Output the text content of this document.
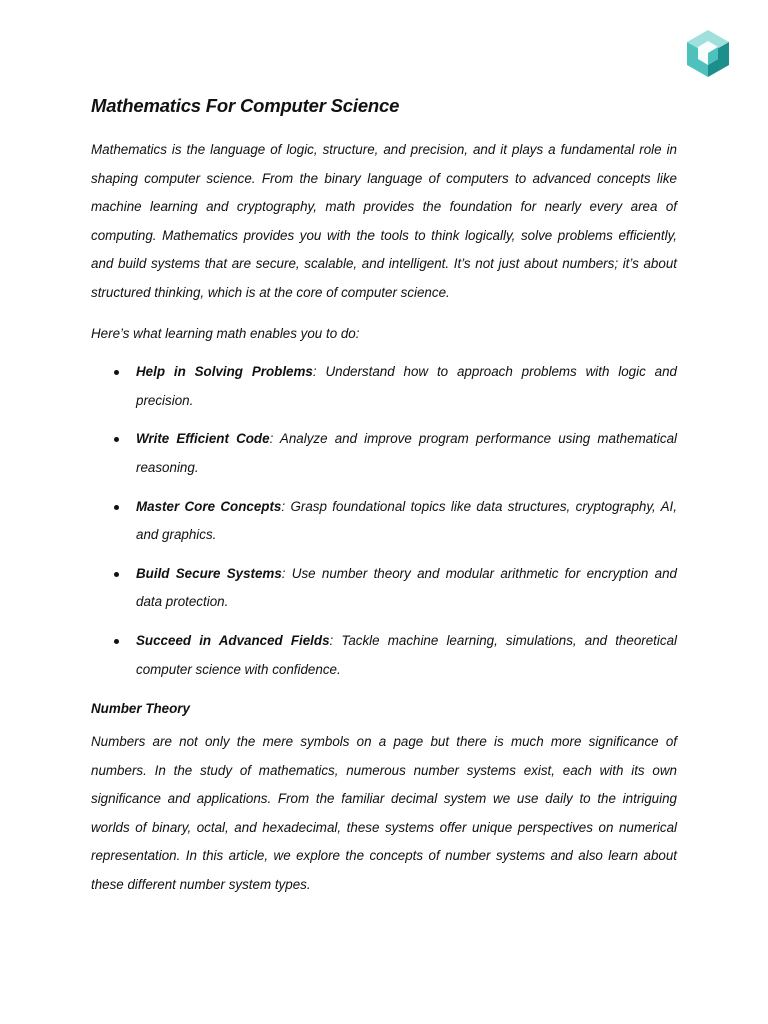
Mathematics For Computer Science

Mathematics is the language of logic, structure, and precision, and it plays a fundamental role in shaping computer science. From the binary language of computers to advanced concepts like machine learning and cryptography, math provides the foundation for nearly every area of computing. Mathematics provides you with the tools to think logically, solve problems efficiently, and build systems that are secure, scalable, and intelligent. It’s not just about numbers; it’s about structured thinking, which is at the core of computer science.

Here’s what learning math enables you to do:

Help in Solving Problems: Understand how to approach problems with logic and precision.
Write Efficient Code: Analyze and improve program performance using mathematical reasoning.
Master Core Concepts: Grasp foundational topics like data structures, cryptography, AI, and graphics.
Build Secure Systems: Use number theory and modular arithmetic for encryption and data protection.
Succeed in Advanced Fields: Tackle machine learning, simulations, and theoretical computer science with confidence.
Number Theory

Numbers are not only the mere symbols on a page but there is much more significance of numbers. In the study of mathematics, numerous number systems exist, each with its own significance and applications. From the familiar decimal system we use daily to the intriguing worlds of binary, octal, and hexadecimal, these systems offer unique perspectives on numerical representation. In this article, we explore the concepts of number systems and also learn about these different number system types.
